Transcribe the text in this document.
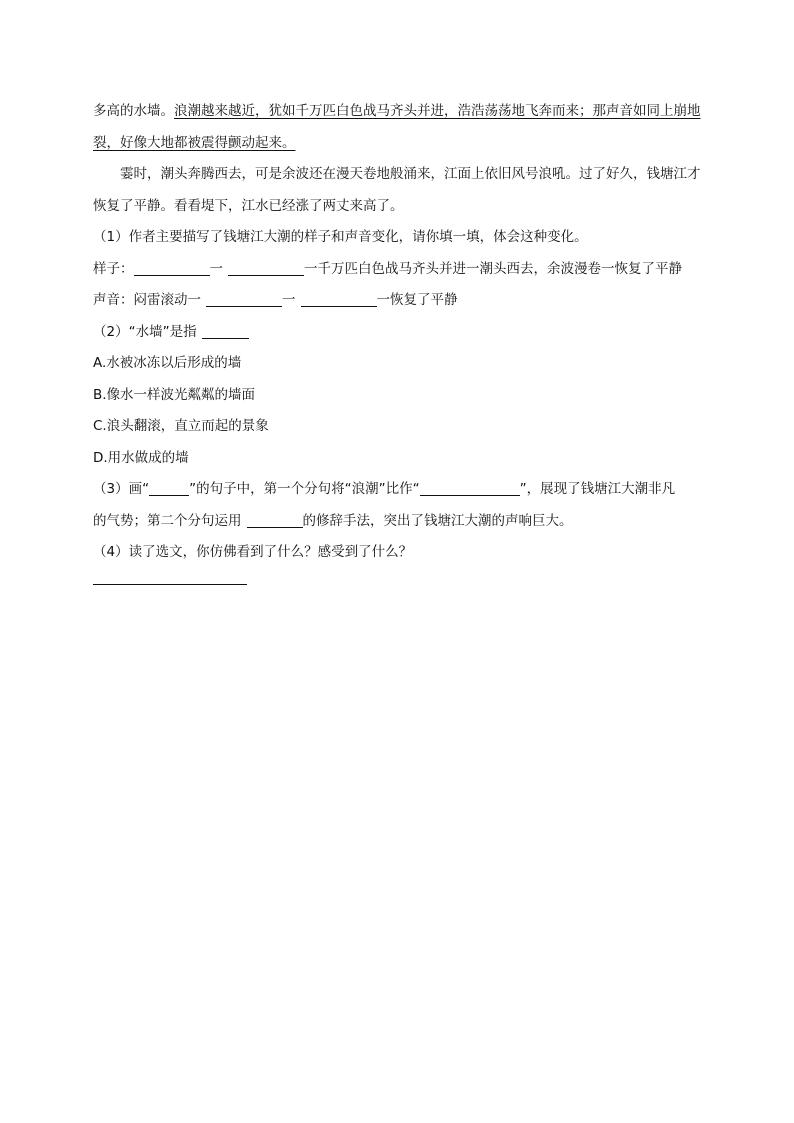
多高的水墙。浪潮越来越近，犹如千万匹白色战马齐头并进，浩浩荡荡地飞奔而来；那声音如同上崩地
裂，好像大地都被震得颤动起来。
霎时，潮头奔腾西去，可是余波还在漫天卷地般涌来，江面上依旧风号浪吼。过了好久，钱塘江才
恢复了平静。看看堤下，江水已经涨了两丈来高了。
（1）作者主要描写了钱塘江大潮的样子和声音变化，请你填一填，体会这种变化。
样子：	一	一千万匹白色战马齐头并进一潮头西去，余波漫卷一恢复了平静
声音：闷雷滚动一	一	一恢复了平静
（2）“水墙”是指
A.水被冰冻以后形成的墙
B.像水一样波光粼粼的墙面
C.浪头翻滚，直立而起的景象
D.用水做成的墙
（3）画“	”的句子中，第一个分句将“浪潮”比作“	”，展现了钱塘江大潮非凡
的气势；第二个分句运用	的修辞手法，突出了钱塘江大潮的声响巨大。
（4）读了选文，你仿佛看到了什么？感受到了什么？
